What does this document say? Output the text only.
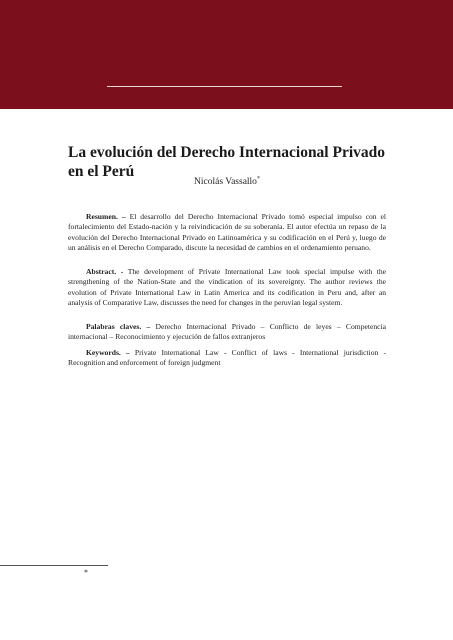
La evolución del Derecho Internacional Privado en el Perú
Nicolás Vassallo*

Resumen. – El desarrollo del Derecho Internacional Privado tomó especial impulso con el fortalecimiento del Estado-nación y la reivindicación de su soberanía. El autor efectúa un repaso de la evolución del Derecho Internacional Privado en Latinoamérica y su codificación en el Perú y, luego de un análisis en el Derecho Comparado, discute la necesidad de cambios en el ordenamiento peruano.

Abstract. - The development of Private International Law took special impulse with the strengthening of the Nation-State and the vindication of its sovereignty. The author reviews the evolution of Private International Law in Latin America and its codification in Peru and, after an analysis of Comparative Law, discusses the need for changes in the peruvian legal system.

Palabras claves. – Derecho Internacional Privado – Conflicto de leyes – Competencia internacional – Reconocimiento y ejecución de fallos extranjeros

Keywords. – Private International Law - Conflict of laws - International jurisdiction - Recognition and enforcement of foreign judgment

*
